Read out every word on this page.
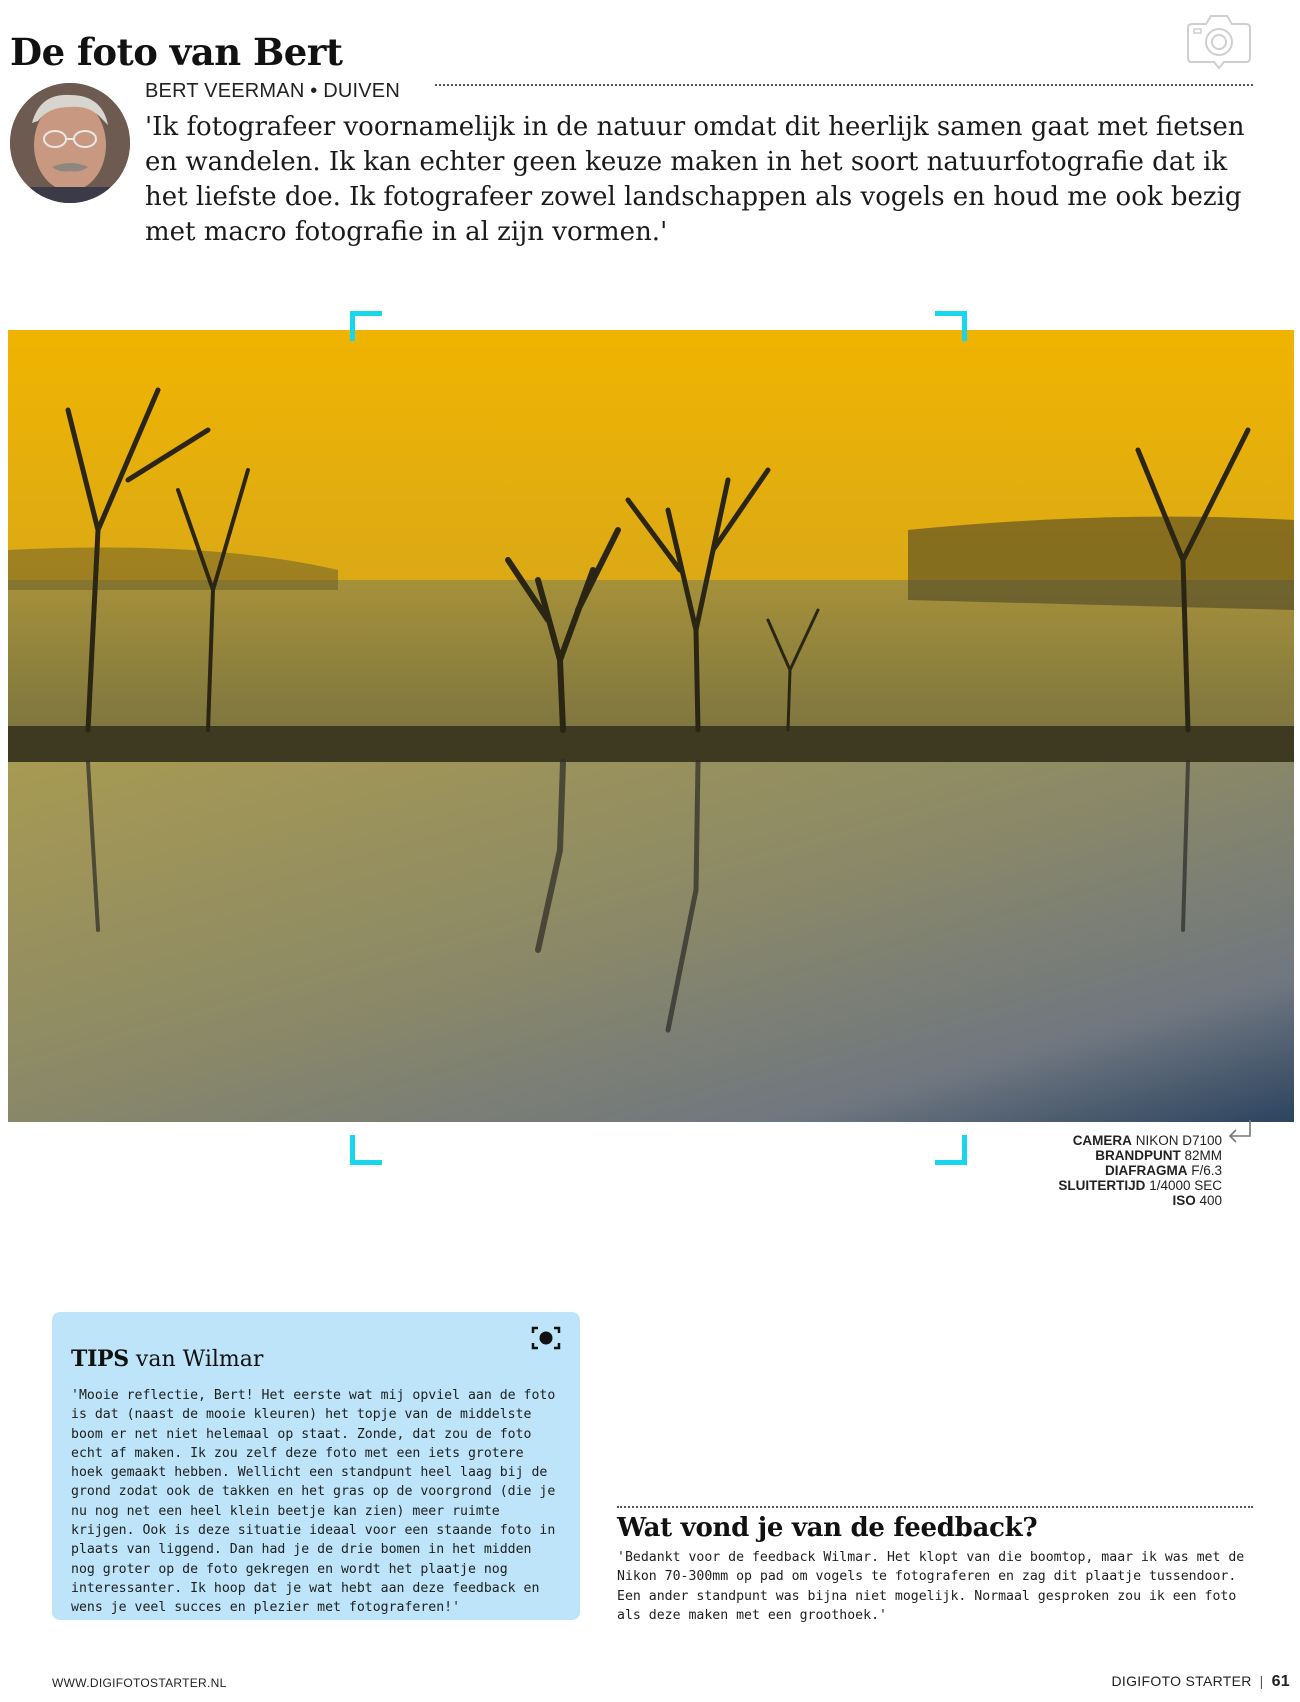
De foto van Bert
BERT VEERMAN • DUIVEN
'Ik fotografeer voornamelijk in de natuur omdat dit heerlijk samen gaat met fietsen en wandelen. Ik kan echter geen keuze maken in het soort natuurfotografie dat ik het liefste doe. Ik fotografeer zowel landschappen als vogels en houd me ook bezig met macro fotografie in al zijn vormen.'
CAMERA NIKON D7100
BRANDPUNT 82MM
DIAFRAGMA F/6.3
SLUITERTIJD 1/4000 SEC
ISO 400
TIPS van Wilmar
'Mooie reflectie, Bert! Het eerste wat mij opviel aan de foto is dat (naast de mooie kleuren) het topje van de middelste boom er net niet helemaal op staat. Zonde, dat zou de foto echt af maken. Ik zou zelf deze foto met een iets grotere hoek gemaakt hebben. Wellicht een standpunt heel laag bij de grond zodat ook de takken en het gras op de voorgrond (die je nu nog net een heel klein beetje kan zien) meer ruimte krijgen. Ook is deze situatie ideaal voor een staande foto in plaats van liggend. Dan had je de drie bomen in het midden nog groter op de foto gekregen en wordt het plaatje nog interessanter. Ik hoop dat je wat hebt aan deze feedback en wens je veel succes en plezier met fotograferen!'
Wat vond je van de feedback?
'Bedankt voor de feedback Wilmar. Het klopt van die boomtop, maar ik was met de Nikon 70-300mm op pad om vogels te fotograferen en zag dit plaatje tussendoor. Een ander standpunt was bijna niet mogelijk. Normaal gesproken zou ik een foto als deze maken met een groothoek.'
WWW.DIGIFOTOSTARTER.NL	DIGIFOTO STARTER | 61
